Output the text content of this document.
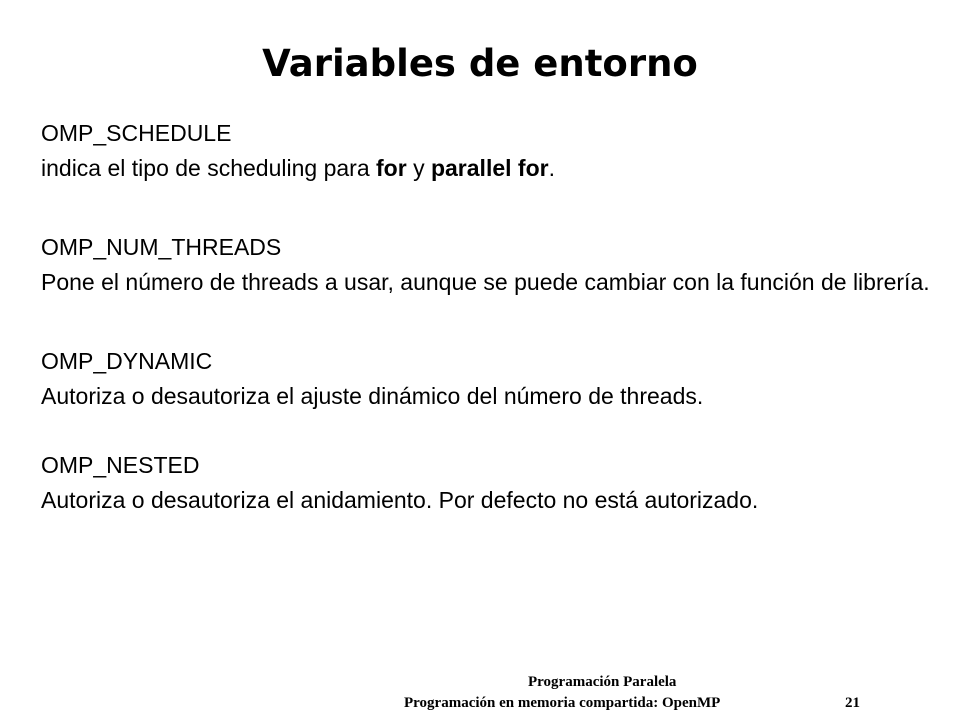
Variables de entorno
OMP_SCHEDULE
indica el tipo de scheduling para for y parallel for.
OMP_NUM_THREADS
Pone el número de threads a usar, aunque se puede cambiar con la función de librería.
OMP_DYNAMIC
Autoriza o desautoriza el ajuste dinámico del número de threads.
OMP_NESTED
Autoriza o desautoriza el anidamiento. Por defecto no está autorizado.
Programación Paralela
Programación en memoria compartida: OpenMP	21
